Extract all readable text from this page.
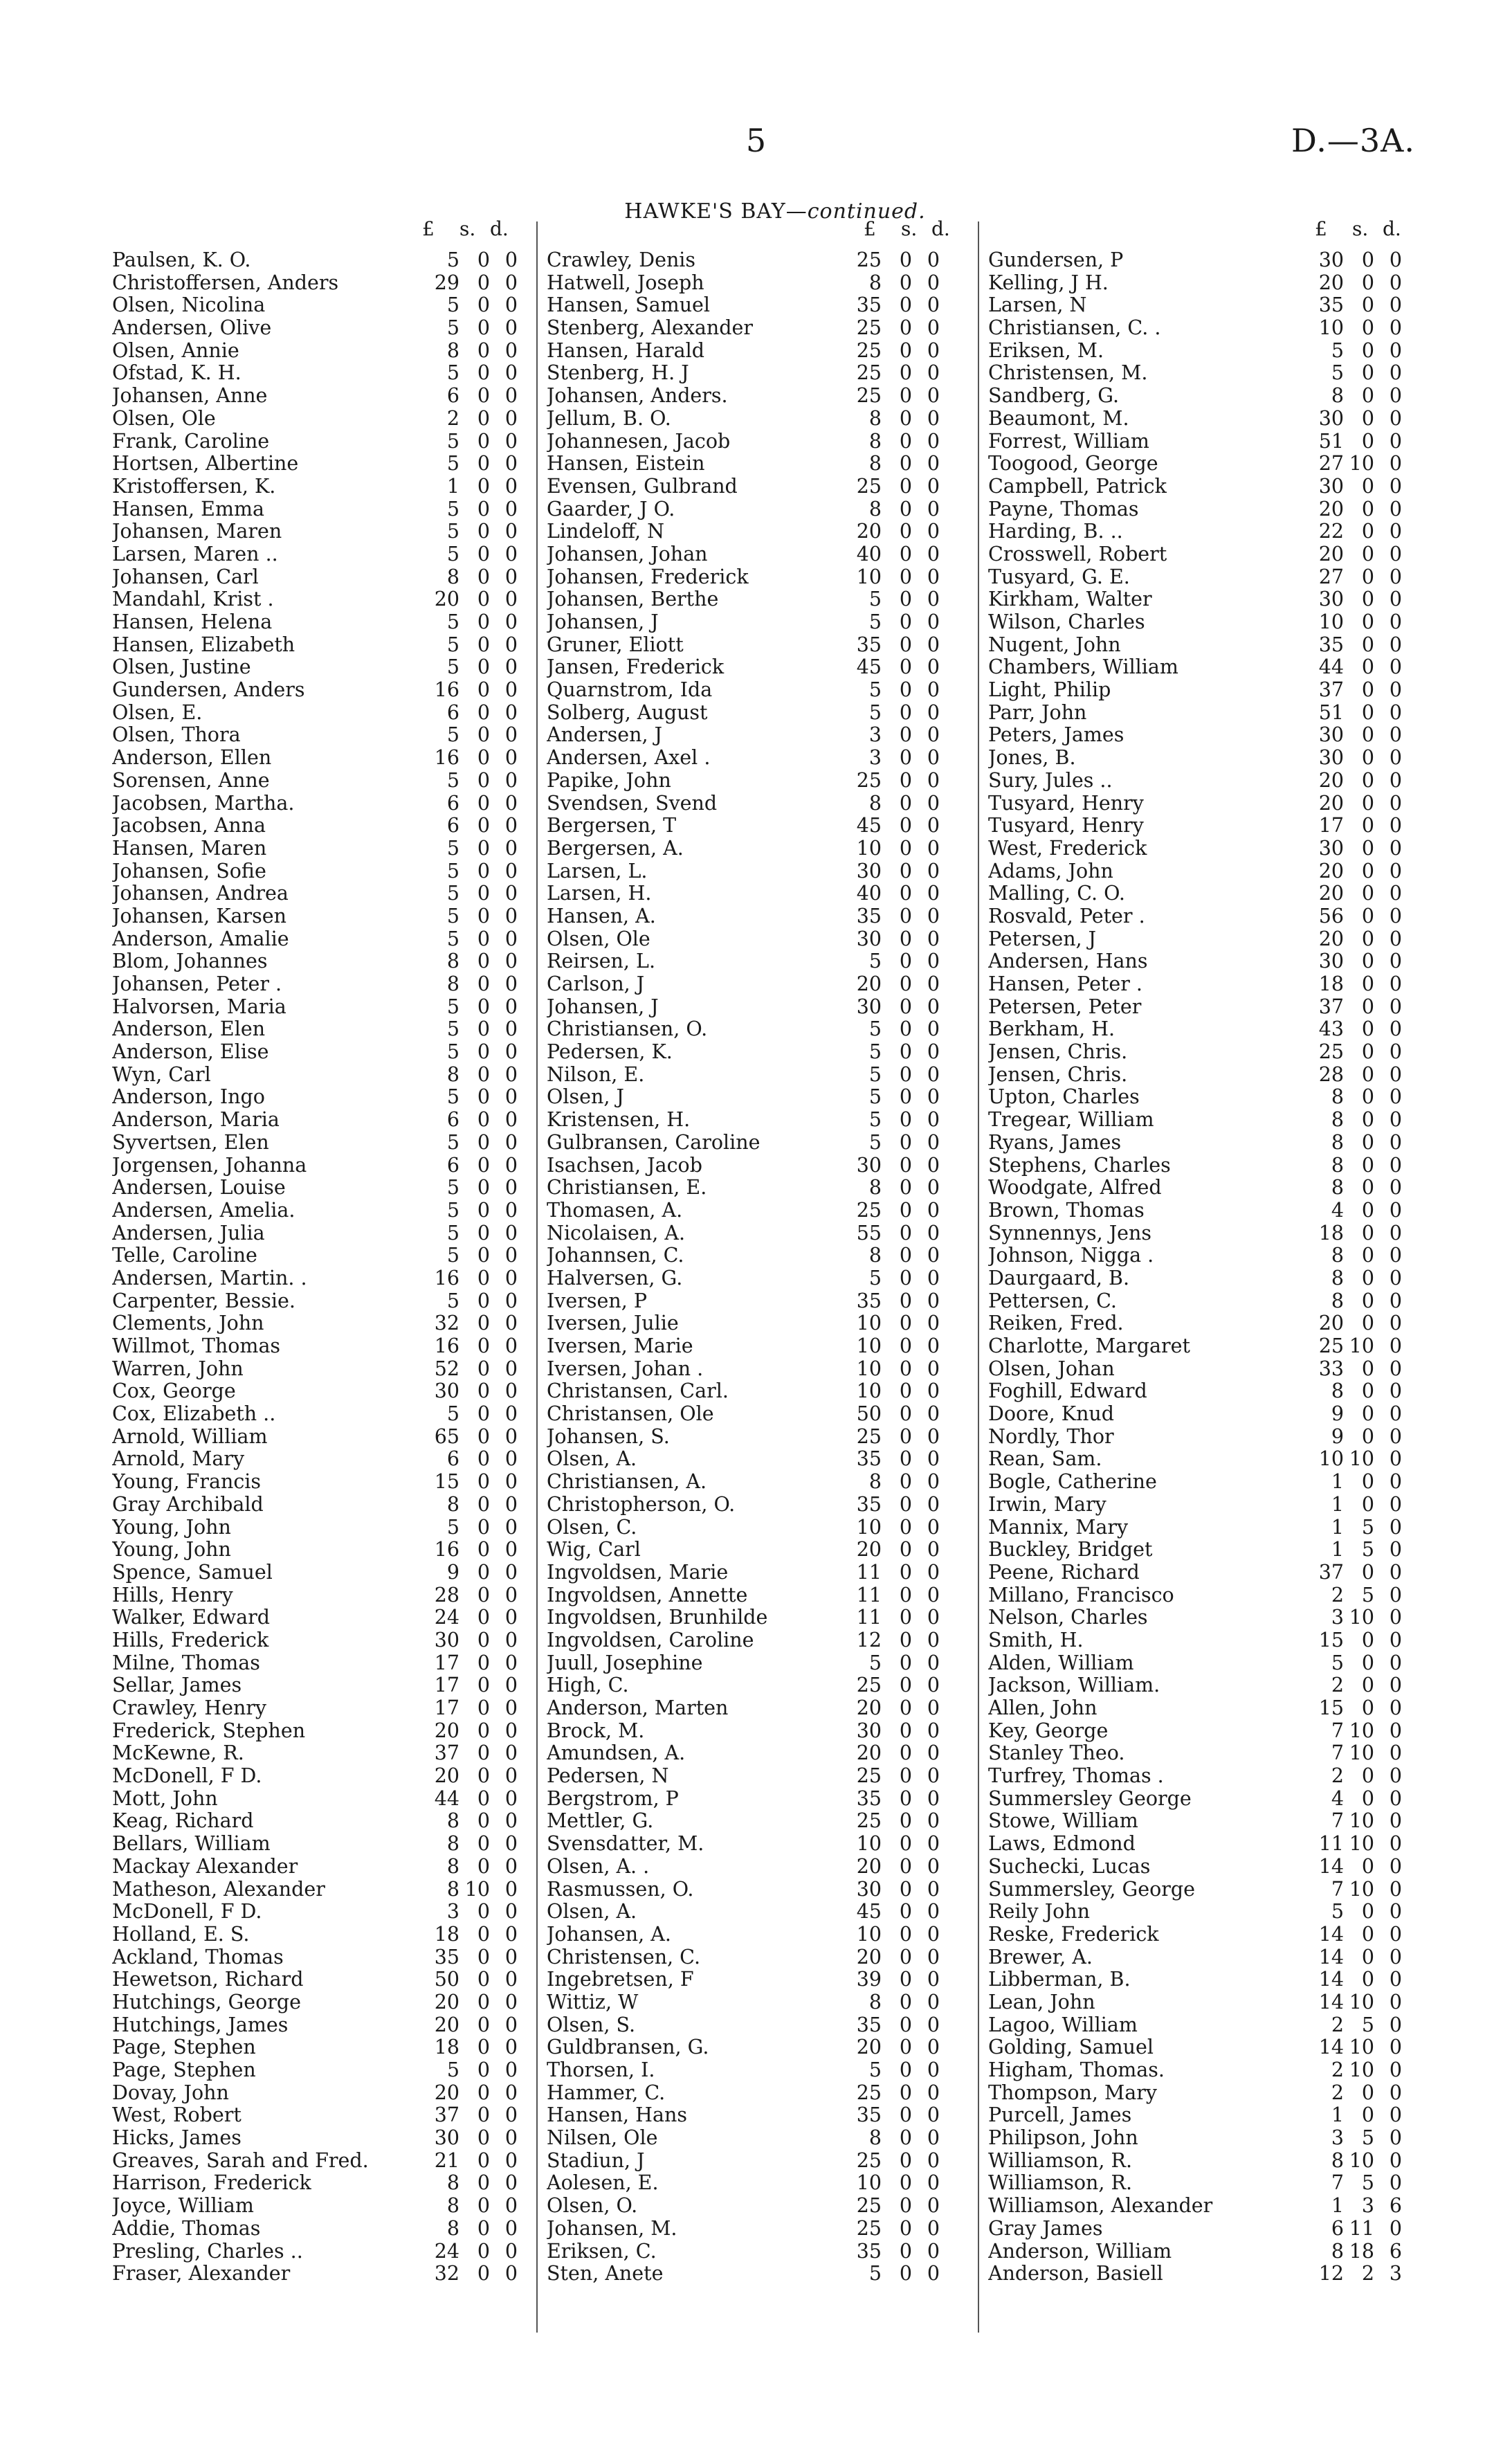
5	D.—3A.
HAWKE'S BAY—continued.
£	s. d.
Paulsen, K. O.	5 0 0
Christoffersen, Anders	29 0 0
Olsen, Nicolina	5 0 0
Andersen, Olive	5 0 0
Olsen, Annie	8 0 0
Ofstad, K. H.	5 0 0
Johansen, Anne	6 0 0
Olsen, Ole	2 0 0
Frank, Caroline	5 0 0
Hortsen, Albertine	5 0 0
Kristoffersen, K.	1 0 0
Hansen, Emma	5 0 0
Johansen, Maren	5 0 0
Larsen, Maren ..	5 0 0
Johansen, Carl	8 0 0
Mandahl, Krist .	20 0 0
Hansen, Helena	5 0 0
Hansen, Elizabeth	5 0 0
Olsen, Justine	5 0 0
Gundersen, Anders	16 0 0
Olsen, E.	6 0 0
Olsen, Thora	5 0 0
Anderson, Ellen	16 0 0
Sorensen, Anne	5 0 0
Jacobsen, Martha.	6 0 0
Jacobsen, Anna	6 0 0
Hansen, Maren	5 0 0
Johansen, Sofie	5 0 0
Johansen, Andrea	5 0 0
Johansen, Karsen	5 0 0
Anderson, Amalie	5 0 0
Blom, Johannes	8 0 0
Johansen, Peter .	8 0 0
Halvorsen, Maria	5 0 0
Anderson, Elen	5 0 0
Anderson, Elise	5 0 0
Wyn, Carl	8 0 0
Anderson, Ingo	5 0 0
Anderson, Maria	6 0 0
Syvertsen, Elen	5 0 0
Jorgensen, Johanna	6 0 0
Andersen, Louise	5 0 0
Andersen, Amelia.	5 0 0
Andersen, Julia	5 0 0
Telle, Caroline	5 0 0
Andersen, Martin. .	16 0 0
Carpenter, Bessie.	5 0 0
Clements, John	32 0 0
Willmot, Thomas	16 0 0
Warren, John	52 0 0
Cox, George	30 0 0
Cox, Elizabeth ..	5 0 0
Arnold, William	65 0 0
Arnold, Mary	6 0 0
Young, Francis	15 0 0
Gray Archibald	8 0 0
Young, John	5 0 0
Young, John	16 0 0
Spence, Samuel	9 0 0
Hills, Henry	28 0 0
Walker, Edward	24 0 0
Hills, Frederick	30 0 0
Milne, Thomas	17 0 0
Sellar, James	17 0 0
Crawley, Henry	17 0 0
Frederick, Stephen	20 0 0
McKewne, R.	37 0 0
McDonell, F D.	20 0 0
Mott, John	44 0 0
Keag, Richard	8 0 0
Bellars, William	8 0 0
Mackay Alexander	8 0 0
Matheson, Alexander	8 10 0
McDonell, F D.	3 0 0
Holland, E. S.	18 0 0
Ackland, Thomas	35 0 0
Hewetson, Richard	50 0 0
Hutchings, George	20 0 0
Hutchings, James	20 0 0
Page, Stephen	18 0 0
Page, Stephen	5 0 0
Dovay, John	20 0 0
West, Robert	37 0 0
Hicks, James	30 0 0
Greaves, Sarah and Fred.	21 0 0
Harrison, Frederick	8 0 0
Joyce, William	8 0 0
Addie, Thomas	8 0 0
Presling, Charles ..	24 0 0
Fraser, Alexander	32 0 0
£	s. d.
Crawley, Denis	25 0 0
Hatwell, Joseph	8 0 0
Hansen, Samuel	35 0 0
Stenberg, Alexander	25 0 0
Hansen, Harald	25 0 0
Stenberg, H. J	25 0 0
Johansen, Anders.	25 0 0
Jellum, B. O.	8 0 0
Johannesen, Jacob	8 0 0
Hansen, Eistein	8 0 0
Evensen, Gulbrand	25 0 0
Gaarder, J O.	8 0 0
Lindeloff, N	20 0 0
Johansen, Johan	40 0 0
Johansen, Frederick	10 0 0
Johansen, Berthe	5 0 0
Johansen, J	5 0 0
Gruner, Eliott	35 0 0
Jansen, Frederick	45 0 0
Quarnstrom, Ida	5 0 0
Solberg, August	5 0 0
Andersen, J	3 0 0
Andersen, Axel .	3 0 0
Papike, John	25 0 0
Svendsen, Svend	8 0 0
Bergersen, T	45 0 0
Bergersen, A.	10 0 0
Larsen, L.	30 0 0
Larsen, H.	40 0 0
Hansen, A.	35 0 0
Olsen, Ole	30 0 0
Reirsen, L.	5 0 0
Carlson, J	20 0 0
Johansen, J	30 0 0
Christiansen, O.	5 0 0
Pedersen, K.	5 0 0
Nilson, E.	5 0 0
Olsen, J	5 0 0
Kristensen, H.	5 0 0
Gulbransen, Caroline	5 0 0
Isachsen, Jacob	30 0 0
Christiansen, E.	8 0 0
Thomasen, A.	25 0 0
Nicolaisen, A.	55 0 0
Johannsen, C.	8 0 0
Halversen, G.	5 0 0
Iversen, P	35 0 0
Iversen, Julie	10 0 0
Iversen, Marie	10 0 0
Iversen, Johan .	10 0 0
Christansen, Carl.	10 0 0
Christansen, Ole	50 0 0
Johansen, S.	25 0 0
Olsen, A.	35 0 0
Christiansen, A.	8 0 0
Christopherson, O.	35 0 0
Olsen, C.	10 0 0
Wig, Carl	20 0 0
Ingvoldsen, Marie	11 0 0
Ingvoldsen, Annette	11 0 0
Ingvoldsen, Brunhilde	11 0 0
Ingvoldsen, Caroline	12 0 0
Juull, Josephine	5 0 0
High, C.	25 0 0
Anderson, Marten	20 0 0
Brock, M.	30 0 0
Amundsen, A.	20 0 0
Pedersen, N	25 0 0
Bergstrom, P	35 0 0
Mettler, G.	25 0 0
Svensdatter, M.	10 0 0
Olsen, A. .	20 0 0
Rasmussen, O.	30 0 0
Olsen, A.	45 0 0
Johansen, A.	10 0 0
Christensen, C.	20 0 0
Ingebretsen, F	39 0 0
Wittiz, W	8 0 0
Olsen, S.	35 0 0
Guldbransen, G.	20 0 0
Thorsen, I.	5 0 0
Hammer, C.	25 0 0
Hansen, Hans	35 0 0
Nilsen, Ole	8 0 0
Stadiun, J	25 0 0
Aolesen, E.	10 0 0
Olsen, O.	25 0 0
Johansen, M.	25 0 0
Eriksen, C.	35 0 0
Sten, Anete	5 0 0
£	s. d.
Gundersen, P	30 0 0
Kelling, J H.	20 0 0
Larsen, N	35 0 0
Christiansen, C. .	10 0 0
Eriksen, M.	5 0 0
Christensen, M.	5 0 0
Sandberg, G.	8 0 0
Beaumont, M.	30 0 0
Forrest, William	51 0 0
Toogood, George	27 10 0
Campbell, Patrick	30 0 0
Payne, Thomas	20 0 0
Harding, B. ..	22 0 0
Crosswell, Robert	20 0 0
Tusyard, G. E.	27 0 0
Kirkham, Walter	30 0 0
Wilson, Charles	10 0 0
Nugent, John	35 0 0
Chambers, William	44 0 0
Light, Philip	37 0 0
Parr, John	51 0 0
Peters, James	30 0 0
Jones, B.	30 0 0
Sury, Jules ..	20 0 0
Tusyard, Henry	20 0 0
Tusyard, Henry	17 0 0
West, Frederick	30 0 0
Adams, John	20 0 0
Malling, C. O.	20 0 0
Rosvald, Peter .	56 0 0
Petersen, J	20 0 0
Andersen, Hans	30 0 0
Hansen, Peter .	18 0 0
Petersen, Peter	37 0 0
Berkham, H.	43 0 0
Jensen, Chris.	25 0 0
Jensen, Chris.	28 0 0
Upton, Charles	8 0 0
Tregear, William	8 0 0
Ryans, James	8 0 0
Stephens, Charles	8 0 0
Woodgate, Alfred	8 0 0
Brown, Thomas	4 0 0
Synnennys, Jens	18 0 0
Johnson, Nigga .	8 0 0
Daurgaard, B.	8 0 0
Pettersen, C.	8 0 0
Reiken, Fred.	20 0 0
Charlotte, Margaret	25 10 0
Olsen, Johan	33 0 0
Foghill, Edward	8 0 0
Doore, Knud	9 0 0
Nordly, Thor	9 0 0
Rean, Sam.	10 10 0
Bogle, Catherine	1 0 0
Irwin, Mary	1 0 0
Mannix, Mary	1 5 0
Buckley, Bridget	1 5 0
Peene, Richard	37 0 0
Millano, Francisco	2 5 0
Nelson, Charles	3 10 0
Smith, H.	15 0 0
Alden, William	5 0 0
Jackson, William.	2 0 0
Allen, John	15 0 0
Key, George	7 10 0
Stanley Theo.	7 10 0
Turfrey, Thomas .	2 0 0
Summersley George	4 0 0
Stowe, William	7 10 0
Laws, Edmond	11 10 0
Suchecki, Lucas	14 0 0
Summersley, George	7 10 0
Reily John	5 0 0
Reske, Frederick	14 0 0
Brewer, A.	14 0 0
Libberman, B.	14 0 0
Lean, John	14 10 0
Lagoo, William	2 5 0
Golding, Samuel	14 10 0
Higham, Thomas.	2 10 0
Thompson, Mary	2 0 0
Purcell, James	1 0 0
Philipson, John	3 5 0
Williamson, R.	8 10 0
Williamson, R.	7 5 0
Williamson, Alexander	1 3 6
Gray James	6 11 0
Anderson, William	8 18 6
Anderson, Basiell	12 2 3
